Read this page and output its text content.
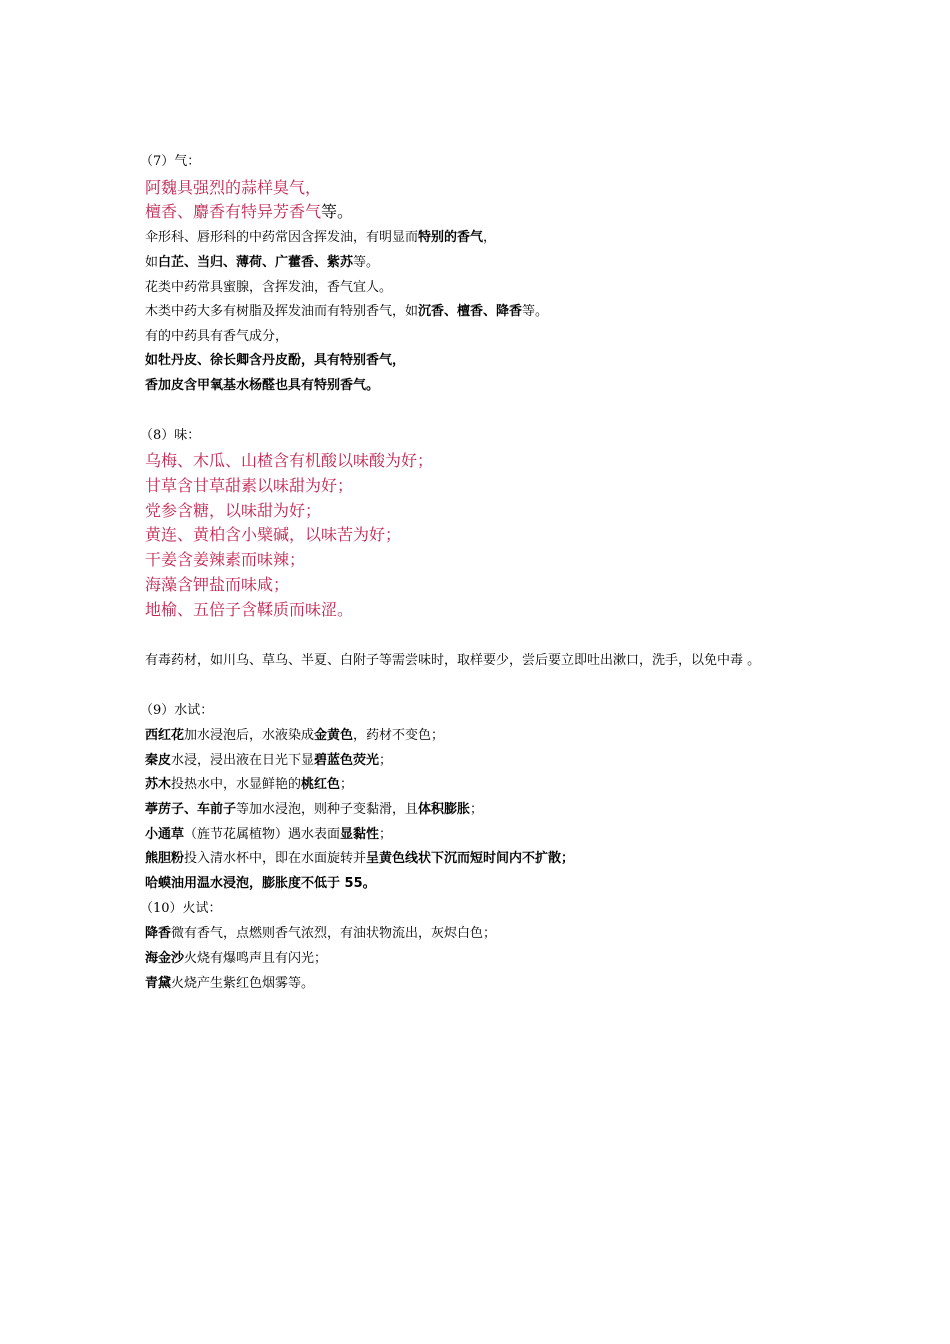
（7）气：
阿魏具强烈的蒜样臭气，
檀香、麝香有特异芳香气等。
伞形科、唇形科的中药常因含挥发油，有明显而特别的香气，
如白芷、当归、薄荷、广藿香、紫苏等。
花类中药常具蜜腺，含挥发油，香气宜人。
木类中药大多有树脂及挥发油而有特别香气，如沉香、檀香、降香等。
有的中药具有香气成分，
如牡丹皮、徐长卿含丹皮酚，具有特别香气，
香加皮含甲氧基水杨醛也具有特别香气。
（8）味：
乌梅、木瓜、山楂含有机酸以味酸为好；
甘草含甘草甜素以味甜为好；
党参含糖，以味甜为好；
黄连、黄柏含小檗碱，以味苦为好；
干姜含姜辣素而味辣；
海藻含钾盐而味咸；
地榆、五倍子含鞣质而味涩。
有毒药材，如川乌、草乌、半夏、白附子等需尝味时，取样要少，尝后要立即吐出漱口，洗手，以免中毒 。
（9）水试：
西红花加水浸泡后，水液染成金黄色，药材不变色；
秦皮水浸，浸出液在日光下显碧蓝色荧光；
苏木投热水中，水显鲜艳的桃红色；
葶苈子、车前子等加水浸泡，则种子变黏滑，且体积膨胀；
小通草（旌节花属植物）遇水表面显黏性；
熊胆粉投入清水杯中，即在水面旋转并呈黄色线状下沉而短时间内不扩散；
哈蟆油用温水浸泡，膨胀度不低于 55。
（10）火试：
降香微有香气，点燃则香气浓烈，有油状物流出，灰烬白色；
海金沙火烧有爆鸣声且有闪光；
青黛火烧产生紫红色烟雾等。
